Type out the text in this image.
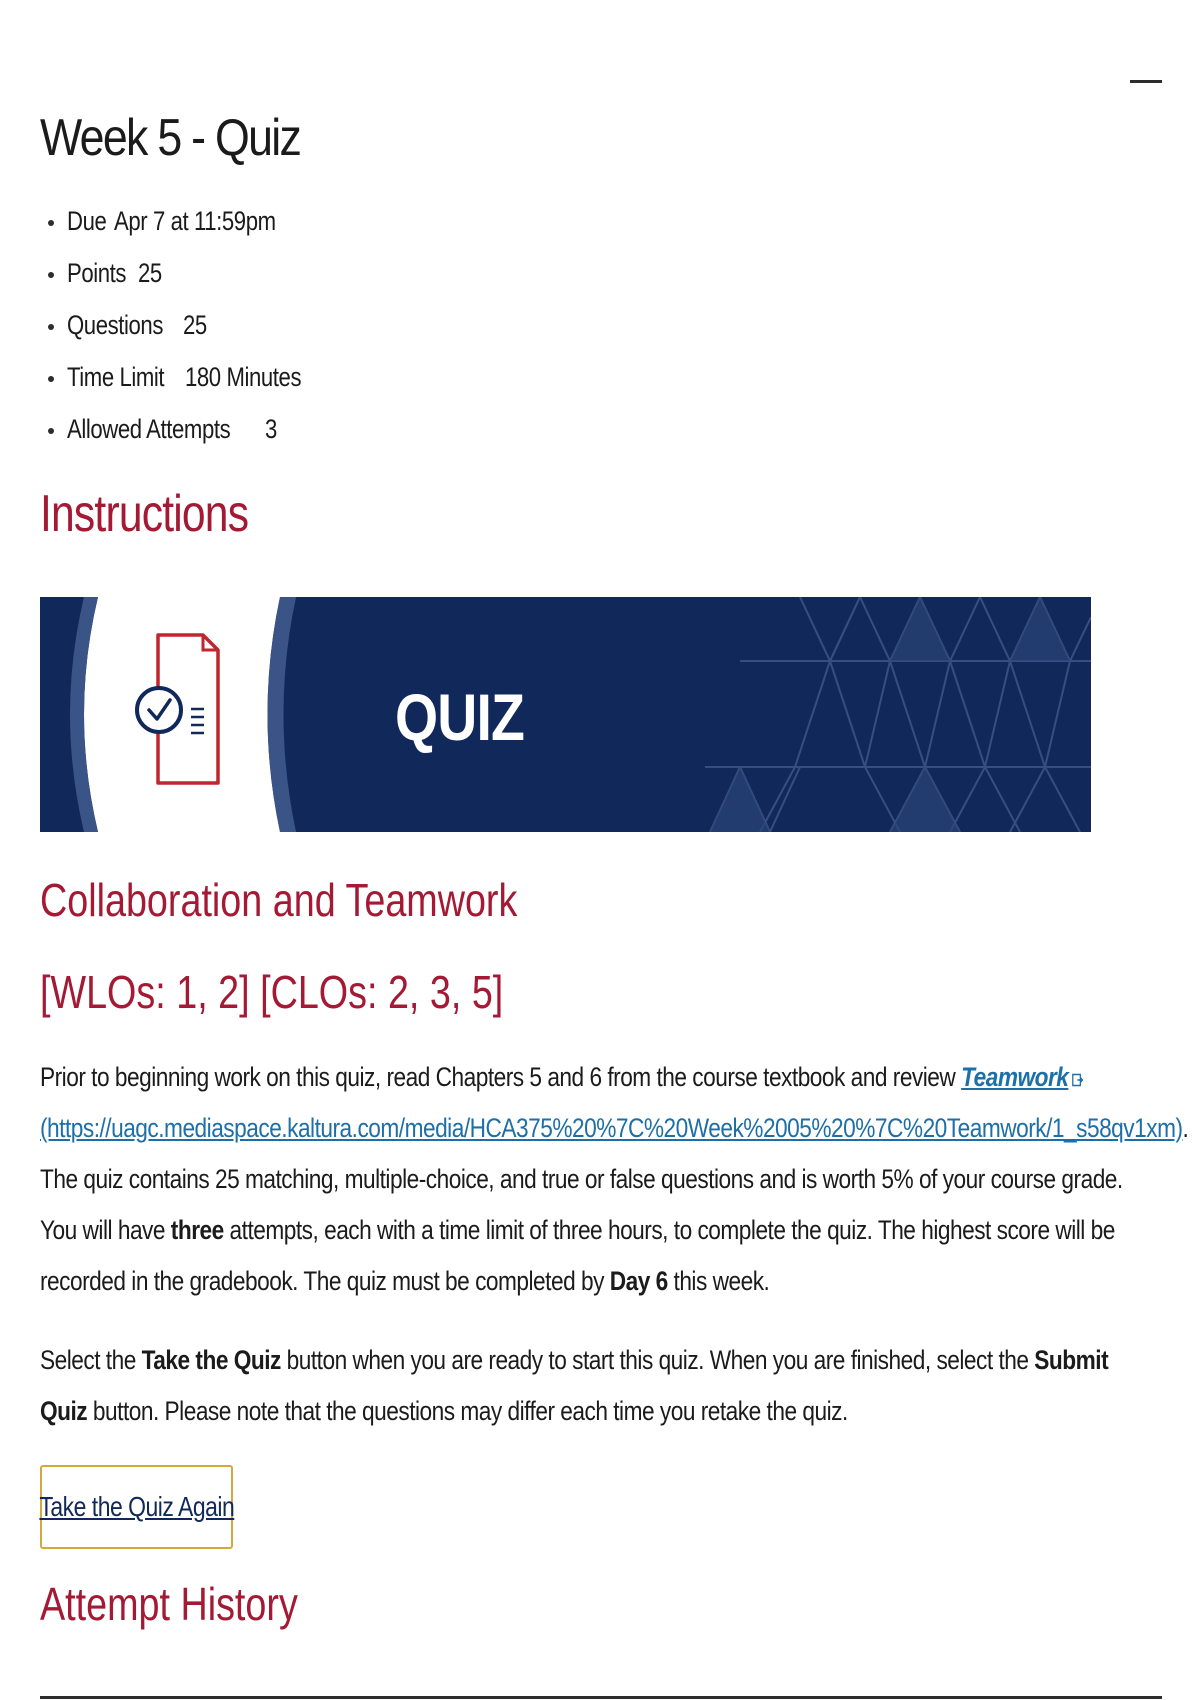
Week 5 - Quiz
Due Apr 7 at 11:59pm
Points 25
Questions 25
Time Limit 180 Minutes
Allowed Attempts 3
Instructions
QUIZ
Collaboration and Teamwork
[WLOs: 1, 2] [CLOs: 2, 3, 5]
Prior to beginning work on this quiz, read Chapters 5 and 6 from the course textbook and review Teamwork (https://uagc.mediaspace.kaltura.com/media/HCA375%20%7C%20Week%2005%20%7C%20Teamwork/1_s58qv1xm). The quiz contains 25 matching, multiple-choice, and true or false questions and is worth 5% of your course grade. You will have three attempts, each with a time limit of three hours, to complete the quiz. The highest score will be recorded in the gradebook. The quiz must be completed by Day 6 this week.
Select the Take the Quiz button when you are ready to start this quiz. When you are finished, select the Submit Quiz button. Please note that the questions may differ each time you retake the quiz.
Take the Quiz Again
Attempt History
